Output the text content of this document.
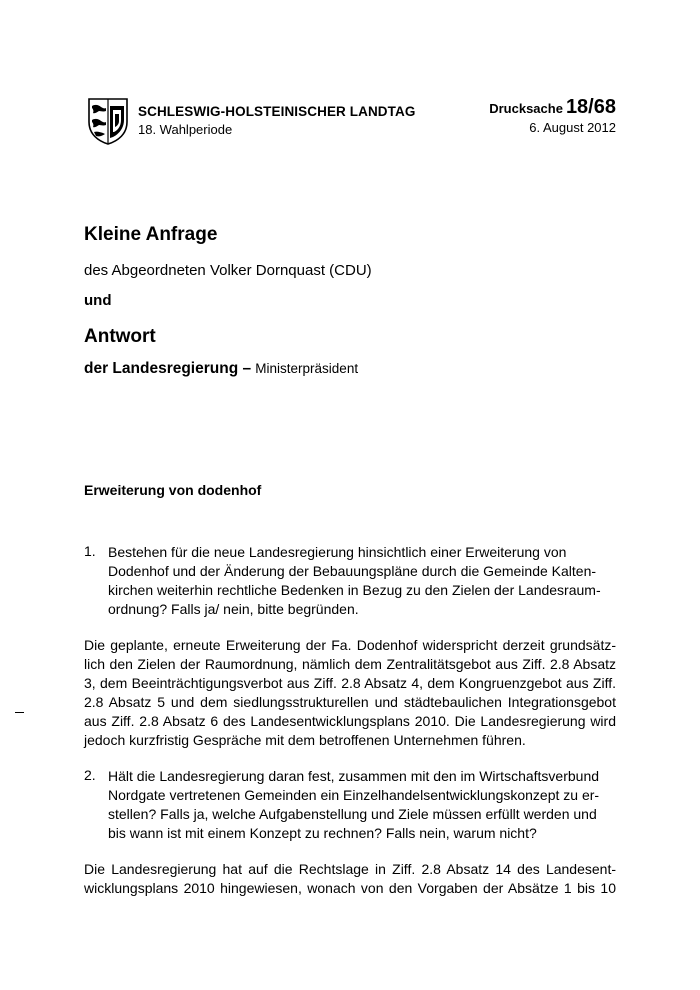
SCHLESWIG-HOLSTEINISCHER LANDTAG
18. Wahlperiode
Drucksache 18/68
6. August 2012
Kleine Anfrage
des Abgeordneten Volker Dornquast (CDU)
und
Antwort
der Landesregierung – Ministerpräsident
Erweiterung von dodenhof
1. Bestehen für die neue Landesregierung hinsichtlich einer Erweiterung von
Dodenhof und der Änderung der Bebauungspläne durch die Gemeinde Kalten-
kirchen weiterhin rechtliche Bedenken in Bezug zu den Zielen der Landesraum-
ordnung? Falls ja/ nein, bitte begründen.
Die geplante, erneute Erweiterung der Fa. Dodenhof widerspricht derzeit grundsätz-
lich den Zielen der Raumordnung, nämlich dem Zentralitätsgebot aus Ziff. 2.8 Absatz
3, dem Beeinträchtigungsverbot aus Ziff. 2.8 Absatz 4, dem Kongruenzgebot aus Ziff.
2.8 Absatz 5 und dem siedlungsstrukturellen und städtebaulichen Integrationsgebot
aus Ziff. 2.8 Absatz 6 des Landesentwicklungsplans 2010. Die Landesregierung wird
jedoch kurzfristig Gespräche mit dem betroffenen Unternehmen führen.
2. Hält die Landesregierung daran fest, zusammen mit den im Wirtschaftsverbund
Nordgate vertretenen Gemeinden ein Einzelhandelsentwicklungskonzept zu er-
stellen? Falls ja, welche Aufgabenstellung und Ziele müssen erfüllt werden und
bis wann ist mit einem Konzept zu rechnen? Falls nein, warum nicht?
Die Landesregierung hat auf die Rechtslage in Ziff. 2.8 Absatz 14 des Landesent-
wicklungsplans 2010 hingewiesen, wonach von den Vorgaben der Absätze 1 bis 10
